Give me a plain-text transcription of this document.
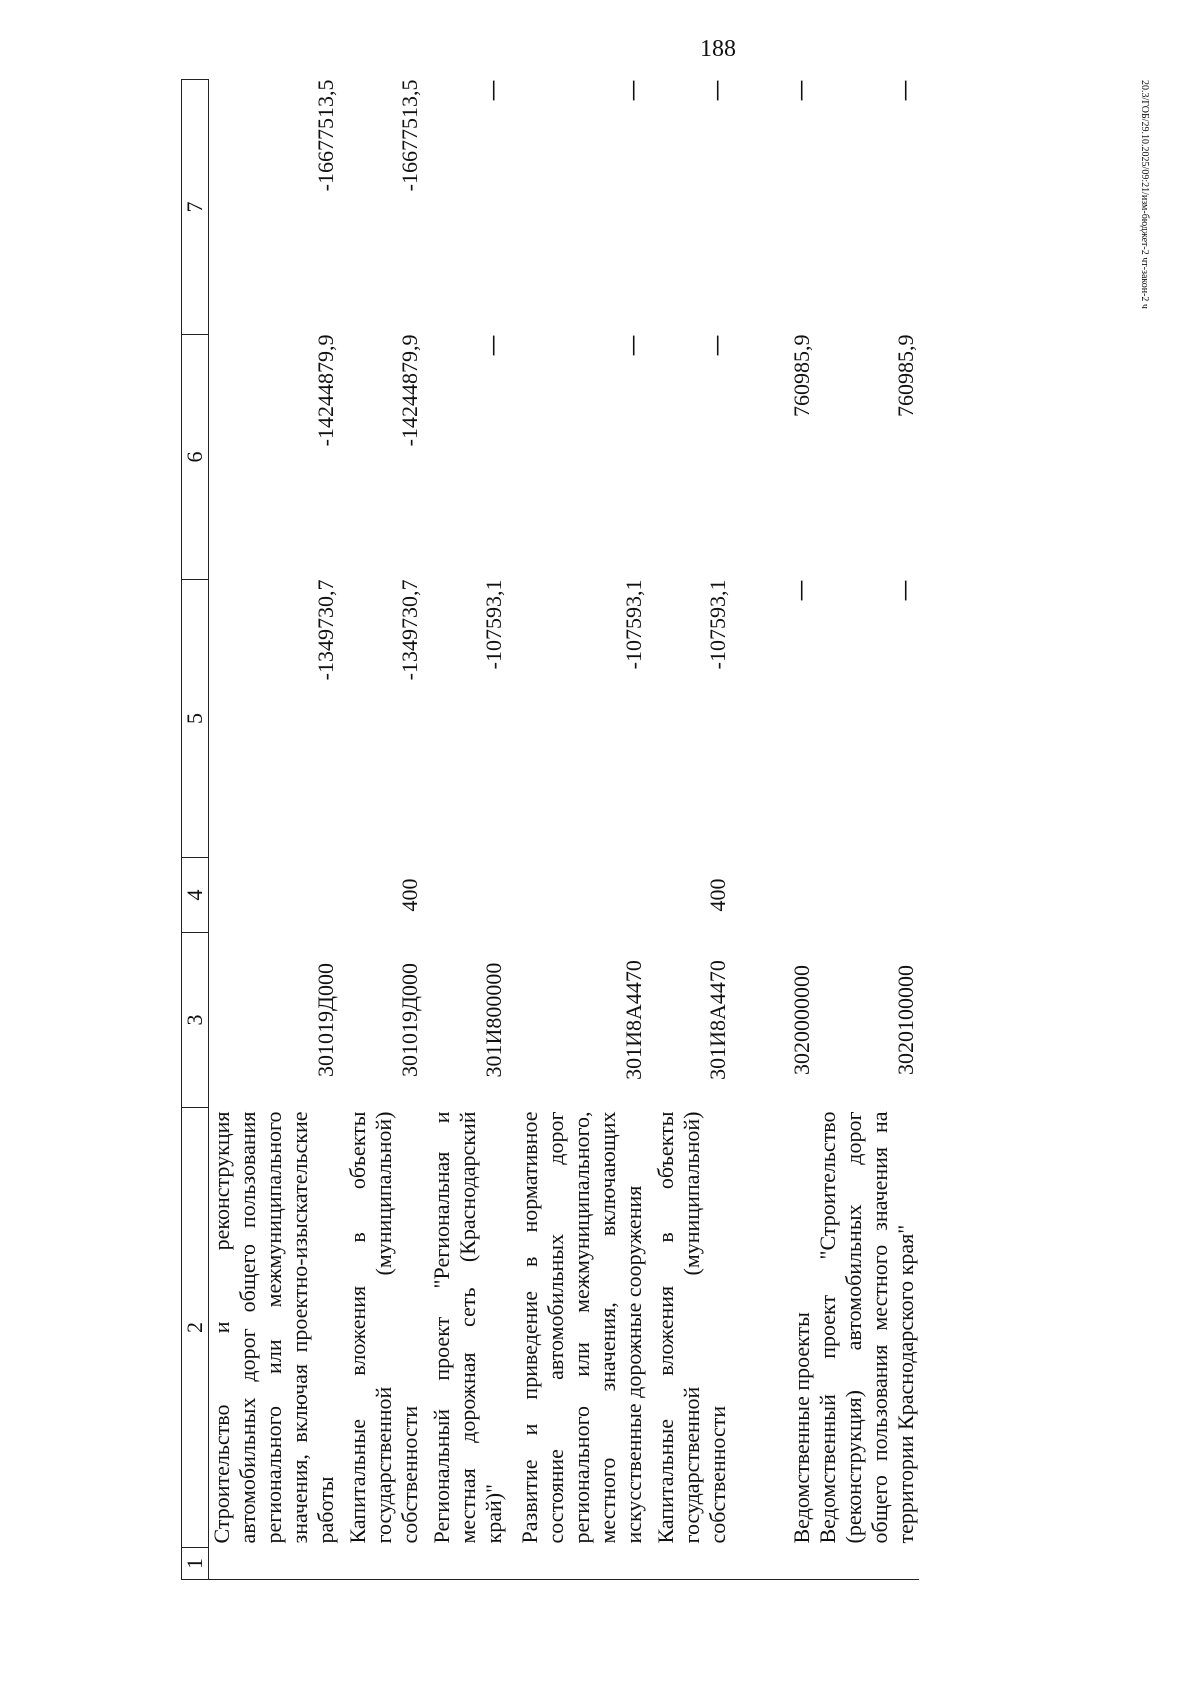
188
20.3/ГОБ/29.10.2025/09:21/изм-бюджет-2 чт-закон-2 ч
1	2	3	4	5	6	7
	Строительство и реконструкция автомобильных дорог общего пользования регионального или межмуниципального значения, включая проектно-изыскательские работы	301019Д000		-1349730,7	-14244879,9	-16677513,5
	Капитальные вложения в объекты государственной (муниципальной) собственности	301019Д000	400	-1349730,7	-14244879,9	-16677513,5
	Региональный проект "Региональная и местная дорожная сеть (Краснодарский край)"	301И800000		-107593,1	—	—
	Развитие и приведение в нормативное состояние автомобильных дорог регионального или межмуниципального, местного значения, включающих искусственные дорожные сооружения	301И8А4470		-107593,1	—	—
	Капитальные вложения в объекты государственной (муниципальной) собственности	301И8А4470	400	-107593,1	—	—
	Ведомственные проекты	3020000000		—	760985,9	—
	Ведомственный проект "Строительство (реконструкция) автомобильных дорог общего пользования местного значения на территории Краснодарского края"	3020100000		—	760985,9	—
